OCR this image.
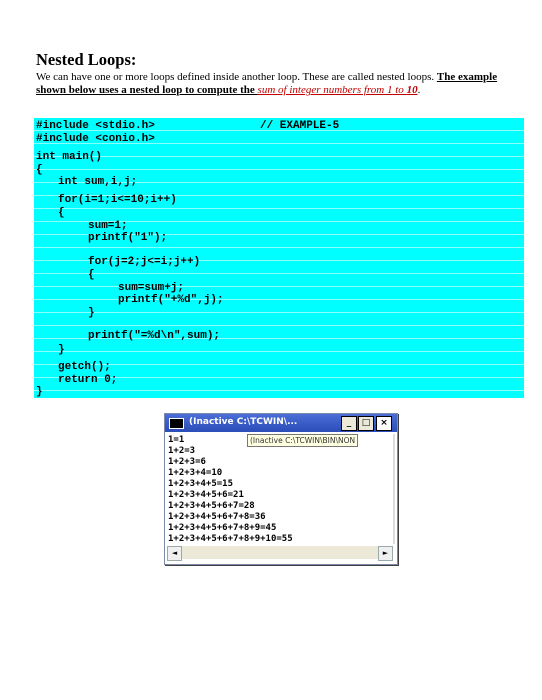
Nested Loops:
We can have one or more loops defined inside another loop. These are called nested loops. The example shown below uses a nested loop to compute the sum of integer numbers from 1 to 10.
#include <stdio.h>	// EXAMPLE-5
#include <conio.h>
int main()
{
int sum,i,j;
for(i=1;i<=10;i++)
{
sum=1;
printf("1");
for(j=2;j<=i;j++)
{
sum=sum+j;
printf("+%d",j);
}
printf("=%d\n",sum);
}
getch();
return 0;
}
(Inactive C:\TCWIN\...	_	□	×
(Inactive C:\TCWIN\BIN\NON
1=1
1+2=3
1+2+3=6
1+2+3+4=10
1+2+3+4+5=15
1+2+3+4+5+6=21
1+2+3+4+5+6+7=28
1+2+3+4+5+6+7+8=36
1+2+3+4+5+6+7+8+9=45
1+2+3+4+5+6+7+8+9+10=55
◄	►
